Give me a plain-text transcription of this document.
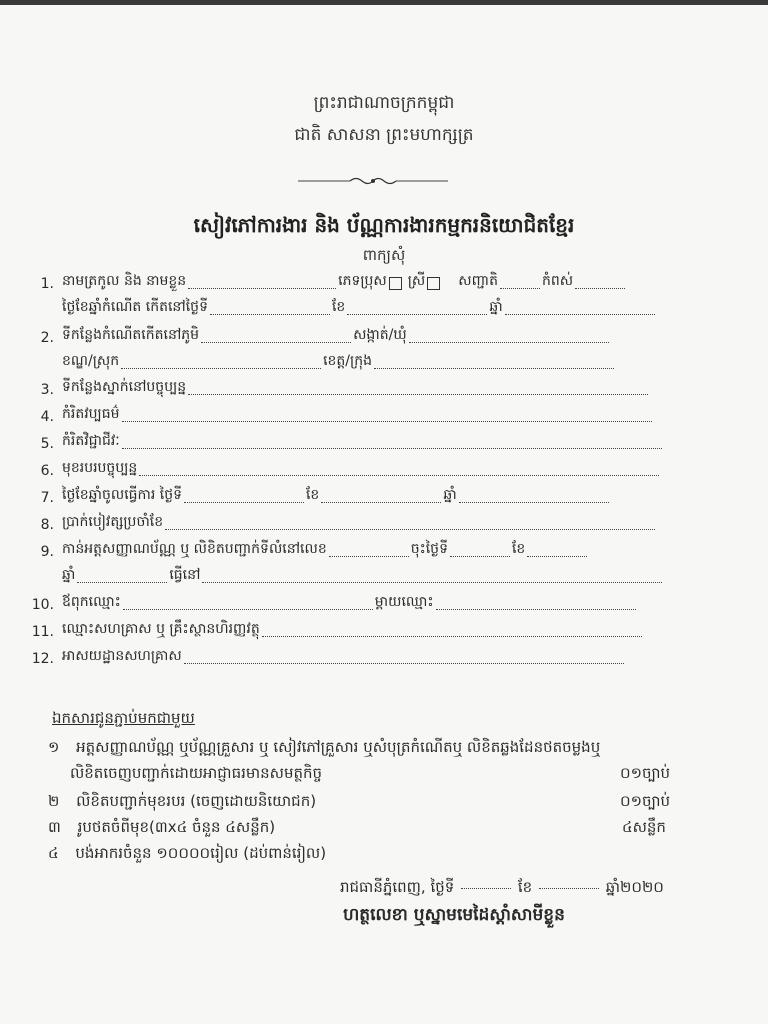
ព្រះរាជាណាចក្រកម្ពុជា
ជាតិ សាសនា ព្រះមហាក្សត្រ
សៀវភៅការងារ និង ប័ណ្ណការងារកម្មករនិយោជិតខ្មែរ
ពាក្យសុំ
1. នាមត្រកូល និង នាមខ្លួន	ភេទប្រុស ស្រី សញ្ជាតិ	កំពស់
ថ្ងៃខែឆ្នាំកំណើត កើតនៅថ្ងៃទី	ខែ	ឆ្នាំ
2. ទីកន្លែងកំណើតកើតនៅភូមិ	សង្កាត់/ឃុំ
ខណ្ឌ/ស្រុក	ខេត្ត/ក្រុង
3. ទីកន្លែងស្នាក់នៅបច្ចុប្បន្ន
4. កំរិតវប្បធម៌
5. កំរិតវិជ្ជាជីវៈ
6. មុខរបរបច្ចុប្បន្ន
7. ថ្ងៃខែឆ្នាំចូលធ្វើការ ថ្ងៃទី	ខែ	ឆ្នាំ
8. ប្រាក់បៀវត្សប្រចាំខែ
9. កាន់អត្តសញ្ញាណប័ណ្ណ ឬ លិខិតបញ្ជាក់ទីលំនៅលេខ	ចុះថ្ងៃទី	ខែ
ឆ្នាំ	ធ្វើនៅ
10. ឪពុកឈ្មោះ	ម្តាយឈ្មោះ
11. ឈ្មោះសហគ្រាស ឬ គ្រឹះស្ថានហិរញ្ញវត្ថុ
12. អាសយដ្ឋានសហគ្រាស
ឯកសារជូនភ្ជាប់មកជាមួយ
១ អត្តសញ្ញាណប័ណ្ណ ឬប័ណ្ណគ្រួសារ ឬ សៀវភៅគ្រួសារ ឬសំបុត្រកំណើតឬ លិខិតឆ្លងដែនថតចម្លងឬ
លិខិតចេញបញ្ជាក់ដោយអាជ្ញាធរមានសមត្ថកិច្ច	០១ច្បាប់
២ លិខិតបញ្ជាក់មុខរបរ (ចេញដោយនិយោជក)	០១ច្បាប់
៣ រូបថតចំពីមុខ(៣x៤ ចំនួន ៤សន្លឹក)	៤សន្លឹក
៤ បង់អាករចំនួន ១០០០០រៀល (ដប់ពាន់រៀល)
រាជធានីភ្នំពេញ, ថ្ងៃទី	ខែ	ឆ្នាំ២០២០
ហត្ថលេខា ឬស្នាមមេដៃស្តាំសាមីខ្លួន
